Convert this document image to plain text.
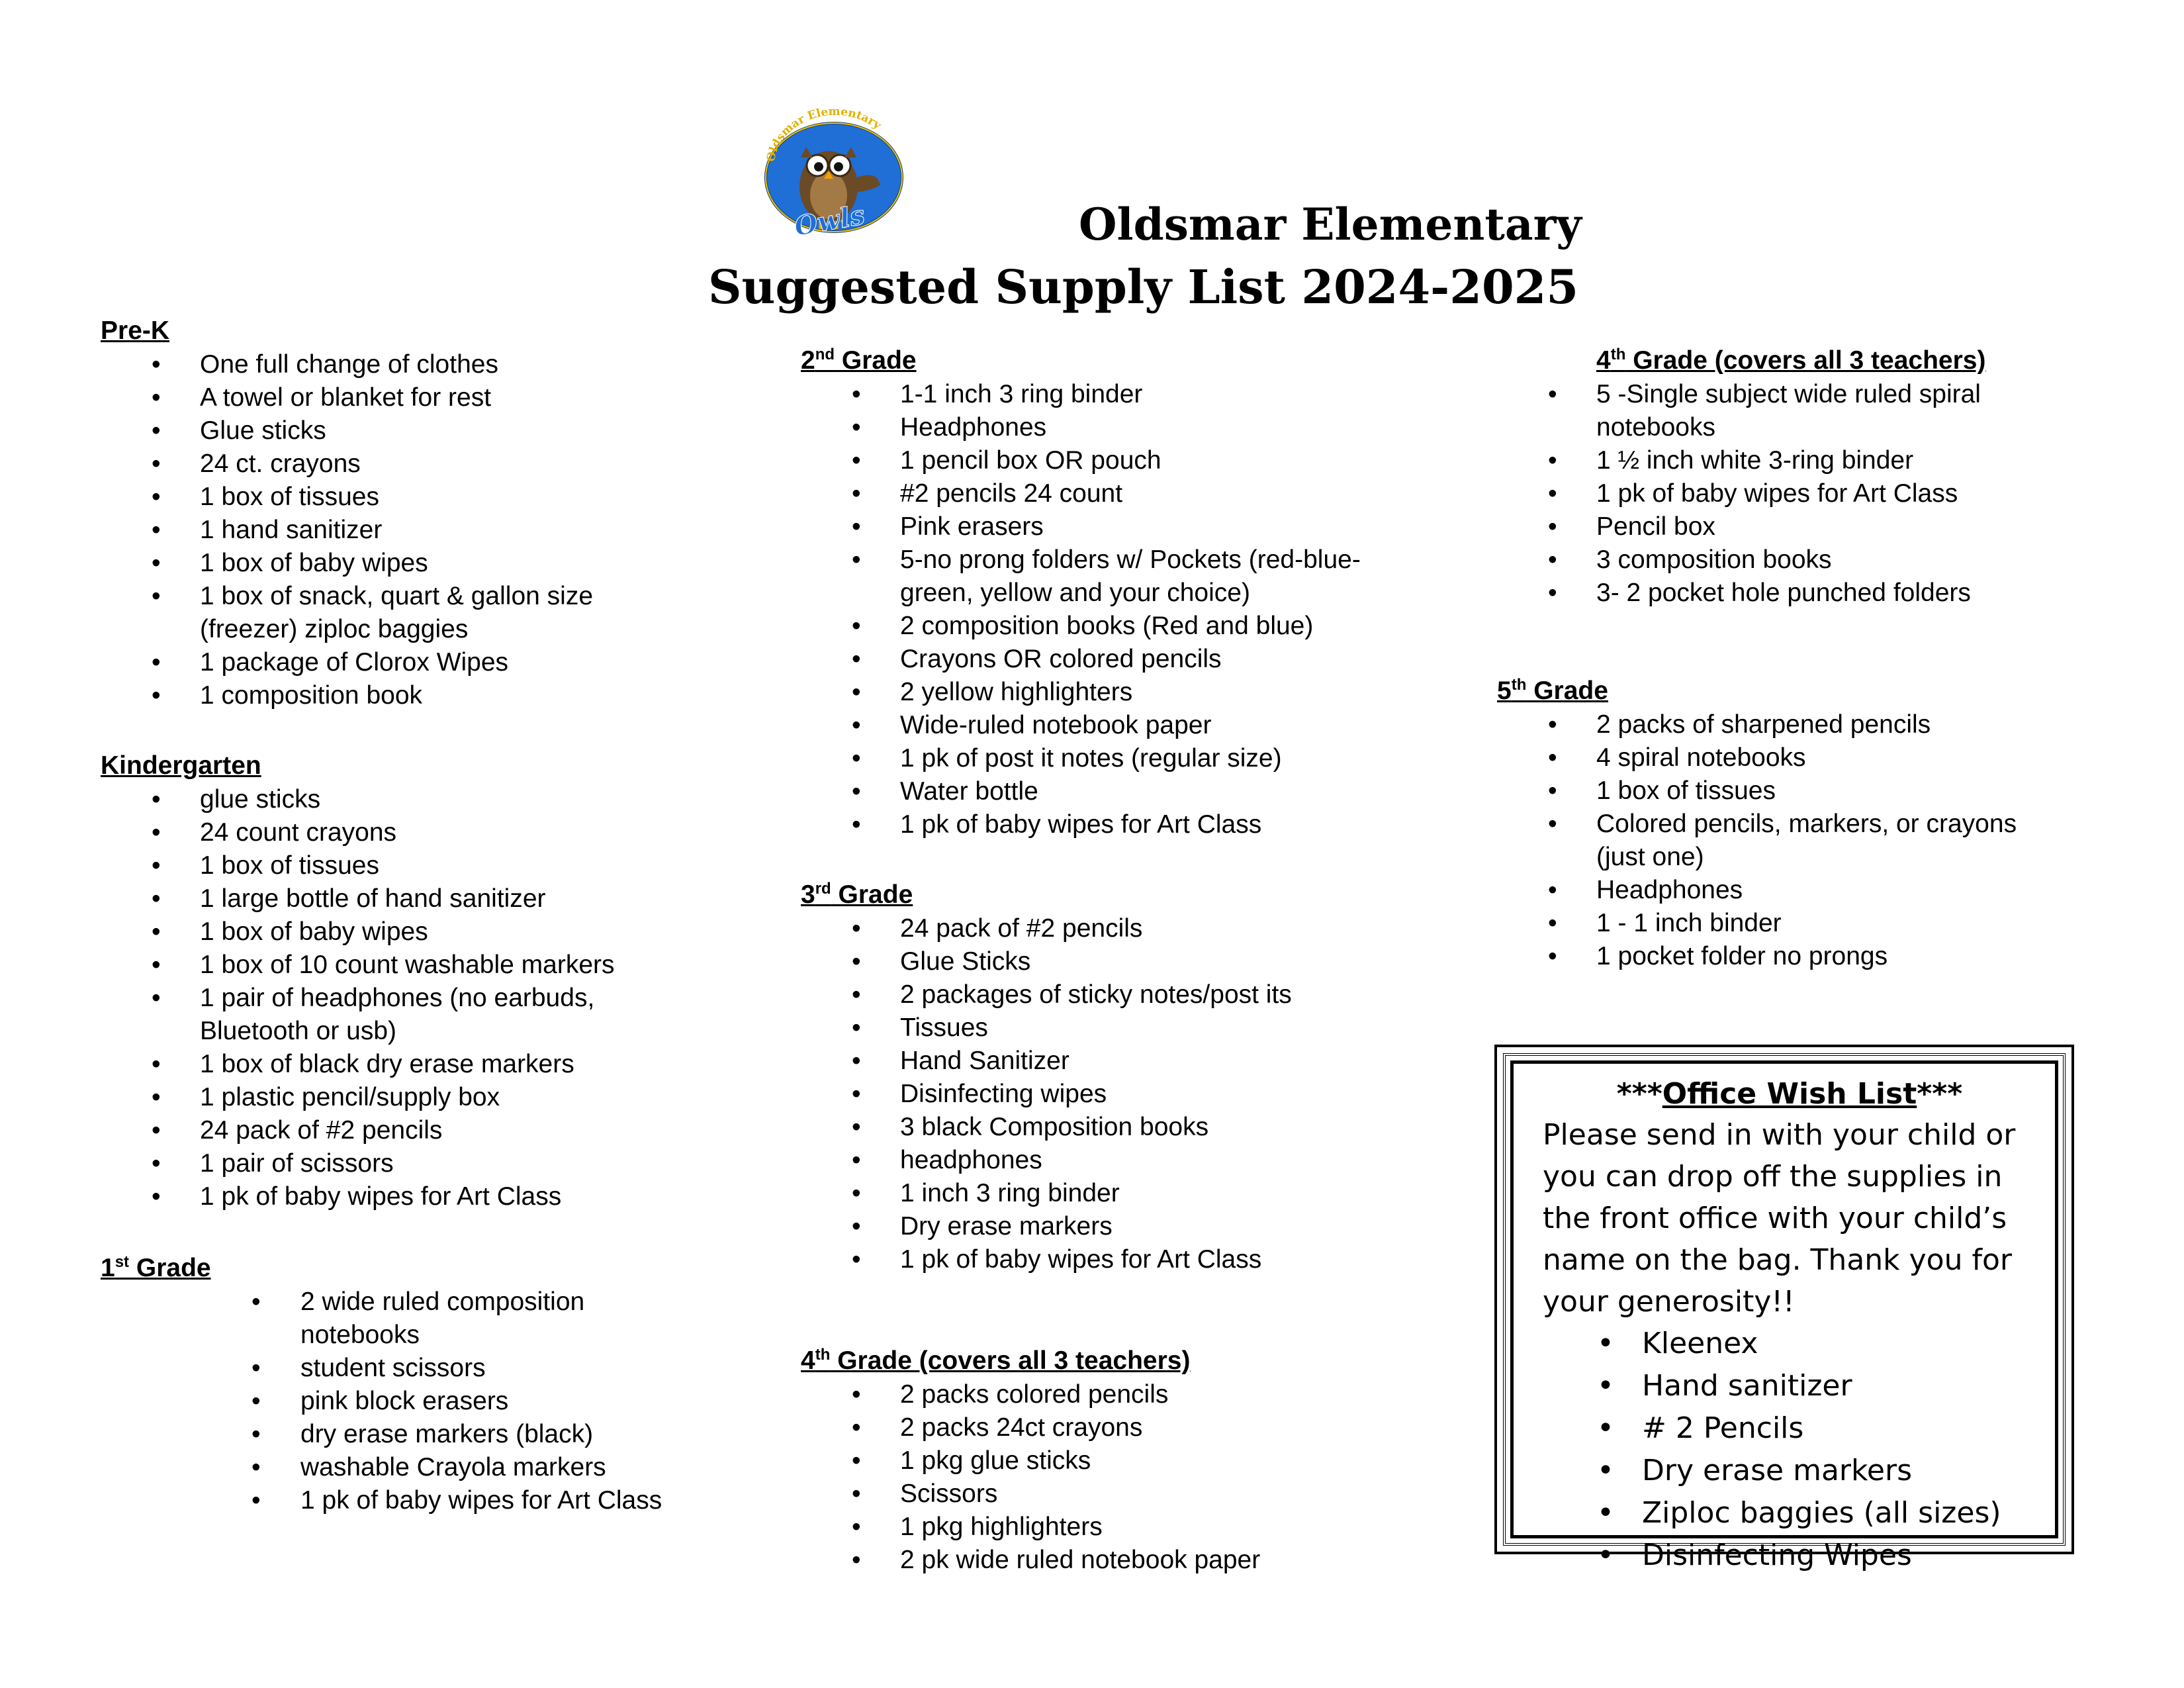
Oldsmar Elementary
Owls	Oldsmar Elementary
Suggested Supply List 2024-2025
Pre-K
• One full change of clothes
• A towel or blanket for rest
• Glue sticks
• 24 ct. crayons
• 1 box of tissues
• 1 hand sanitizer
• 1 box of baby wipes
• 1 box of snack, quart & gallon size
(freezer) ziploc baggies
• 1 package of Clorox Wipes
• 1 composition book
Kindergarten
• glue sticks
• 24 count crayons
• 1 box of tissues
• 1 large bottle of hand sanitizer
• 1 box of baby wipes
• 1 box of 10 count washable markers
• 1 pair of headphones (no earbuds,
Bluetooth or usb)
• 1 box of black dry erase markers
• 1 plastic pencil/supply box
• 24 pack of #2 pencils
• 1 pair of scissors
• 1 pk of baby wipes for Art Class
1st Grade
• 2 wide ruled composition
notebooks
• student scissors
• pink block erasers
• dry erase markers (black)
• washable Crayola markers
• 1 pk of baby wipes for Art Class
2nd Grade
• 1-1 inch 3 ring binder
• Headphones
• 1 pencil box OR pouch
• #2 pencils 24 count
• Pink erasers
• 5-no prong folders w/ Pockets (red-blue-
green, yellow and your choice)
• 2 composition books (Red and blue)
• Crayons OR colored pencils
• 2 yellow highlighters
• Wide-ruled notebook paper
• 1 pk of post it notes (regular size)
• Water bottle
• 1 pk of baby wipes for Art Class
3rd Grade
• 24 pack of #2 pencils
• Glue Sticks
• 2 packages of sticky notes/post its
• Tissues
• Hand Sanitizer
• Disinfecting wipes
• 3 black Composition books
• headphones
• 1 inch 3 ring binder
• Dry erase markers
• 1 pk of baby wipes for Art Class
4th Grade (covers all 3 teachers)
• 2 packs colored pencils
• 2 packs 24ct crayons
• 1 pkg glue sticks
• Scissors
• 1 pkg highlighters
• 2 pk wide ruled notebook paper
4th Grade (covers all 3 teachers)
• 5 -Single subject wide ruled spiral
notebooks
• 1 ½ inch white 3-ring binder
• 1 pk of baby wipes for Art Class
• Pencil box
• 3 composition books
• 3- 2 pocket hole punched folders
5th Grade
• 2 packs of sharpened pencils
• 4 spiral notebooks
• 1 box of tissues
• Colored pencils, markers, or crayons
(just one)
• Headphones
• 1 - 1 inch binder
• 1 pocket folder no prongs
***Office Wish List***
Please send in with your child or you can drop off the supplies in the front office with your child’s name on the bag. Thank you for your generosity!!
• Kleenex
• Hand sanitizer
• # 2 Pencils
• Dry erase markers
• Ziploc baggies (all sizes)
• Disinfecting Wipes
